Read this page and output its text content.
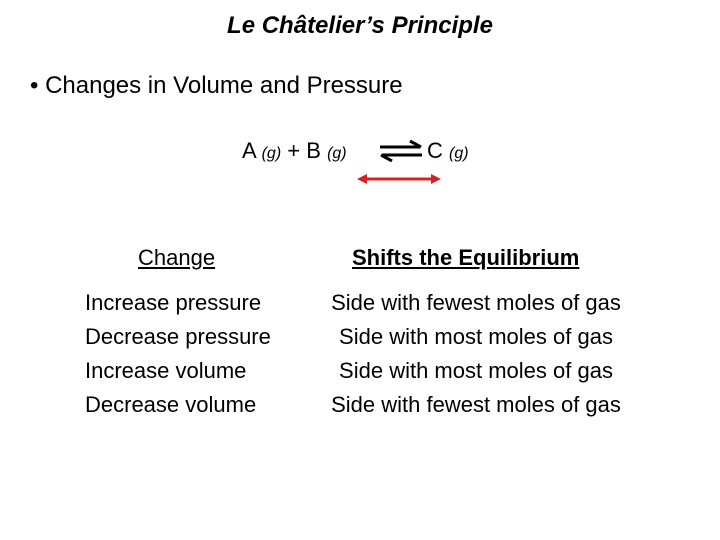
Le Châtelier’s Principle
• Changes in Volume and Pressure
A (g) + B (g)	C (g)
Change	Shifts the Equilibrium
Increase pressure
Decrease pressure
Increase volume
Decrease volume
Side with fewest moles of gas
Side with most moles of gas
Side with most moles of gas
Side with fewest moles of gas
